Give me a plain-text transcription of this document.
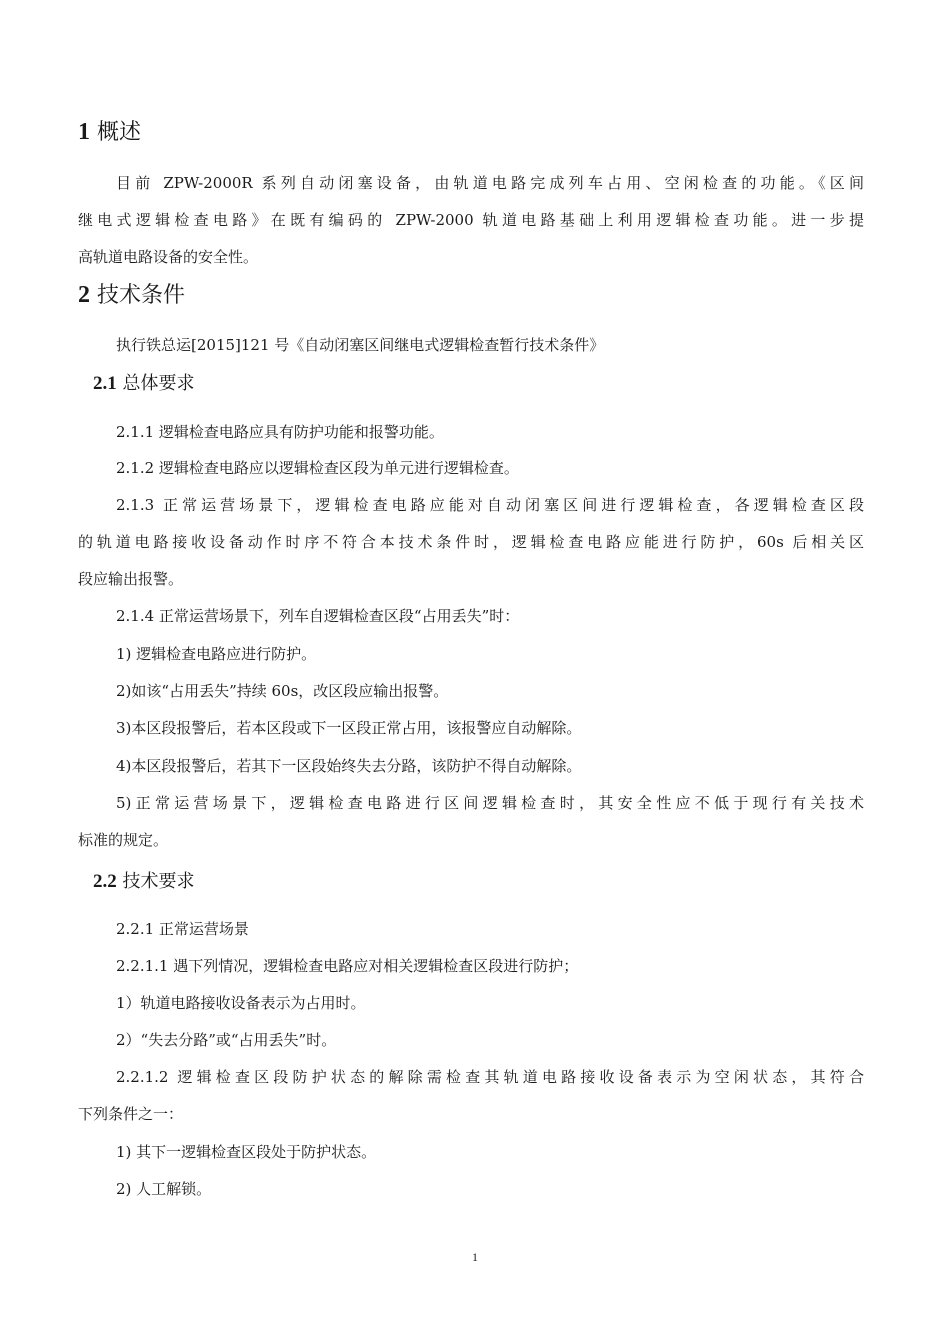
1 概述
目前 ZPW-2000R 系列自动闭塞设备，由轨道电路完成列车占用、空闲检查的功能。《区间
继电式逻辑检查电路》在既有编码的 ZPW-2000 轨道电路基础上利用逻辑检查功能。进一步提
高轨道电路设备的安全性。
2 技术条件
执行铁总运[2015]121 号《自动闭塞区间继电式逻辑检查暂行技术条件》
2.1 总体要求
2.1.1 逻辑检查电路应具有防护功能和报警功能。
2.1.2 逻辑检查电路应以逻辑检查区段为单元进行逻辑检查。
2.1.3 正常运营场景下，逻辑检查电路应能对自动闭塞区间进行逻辑检查，各逻辑检查区段
的轨道电路接收设备动作时序不符合本技术条件时，逻辑检查电路应能进行防护，60s 后相关区
段应输出报警。
2.1.4 正常运营场景下，列车自逻辑检查区段“占用丢失”时：
1) 逻辑检查电路应进行防护。
2)如该“占用丢失”持续 60s，改区段应输出报警。
3)本区段报警后，若本区段或下一区段正常占用，该报警应自动解除。
4)本区段报警后，若其下一区段始终失去分路，该防护不得自动解除。
5)正常运营场景下，逻辑检查电路进行区间逻辑检查时，其安全性应不低于现行有关技术
标准的规定。
2.2 技术要求
2.2.1 正常运营场景
2.2.1.1 遇下列情况，逻辑检查电路应对相关逻辑检查区段进行防护；
1）轨道电路接收设备表示为占用时。
2）“失去分路”或“占用丢失”时。
2.2.1.2 逻辑检查区段防护状态的解除需检查其轨道电路接收设备表示为空闲状态，其符合
下列条件之一：
1) 其下一逻辑检查区段处于防护状态。
2) 人工解锁。
1
